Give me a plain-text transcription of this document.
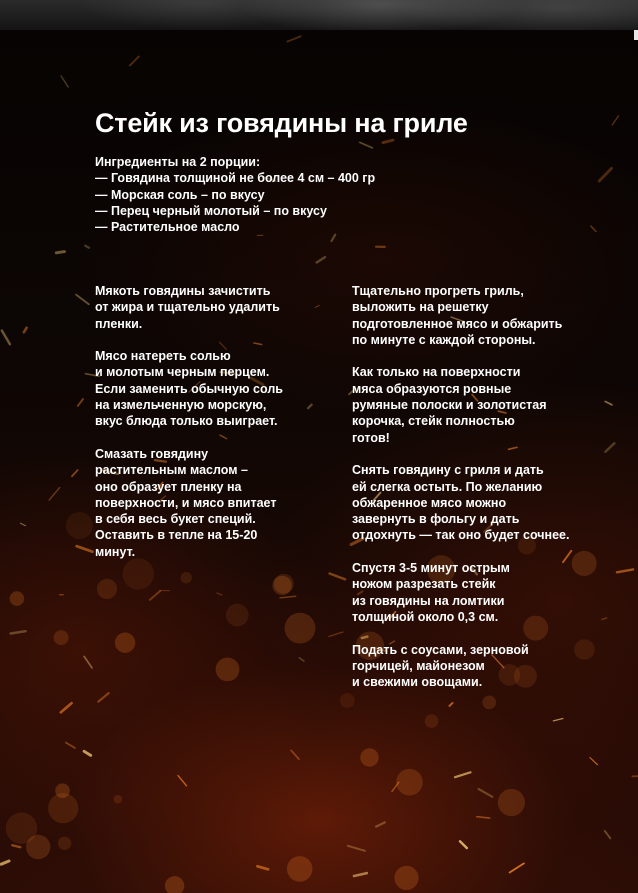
Стейк из говядины на гриле
Ингредиенты на 2 порции:
— Говядина толщиной не более 4 см – 400 гр
— Морская соль – по вкусу
— Перец черный молотый – по вкусу
— Растительное масло
Мякоть говядины зачистить
от жира и тщательно удалить
пленки.
Мясо натереть солью
и молотым черным перцем.
Если заменить обычную соль
на измельченную морскую,
вкус блюда только выиграет.
Смазать говядину
растительным маслом –
оно образует пленку на
поверхности, и мясо впитает
в себя весь букет специй.
Оставить в тепле на 15-20
минут.
Тщательно прогреть гриль,
выложить на решетку
подготовленное мясо и обжарить
по минуте с каждой стороны.
Как только на поверхности
мяса образуются ровные
румяные полоски и золотистая
корочка, стейк полностью
готов!
Снять говядину с гриля и дать
ей слегка остыть. По желанию
обжаренное мясо можно
завернуть в фольгу и дать
отдохнуть — так оно будет сочнее.
Спустя 3-5 минут острым
ножом разрезать стейк
из говядины на ломтики
толщиной около 0,3 см.
Подать с соусами, зерновой
горчицей, майонезом
и свежими овощами.
